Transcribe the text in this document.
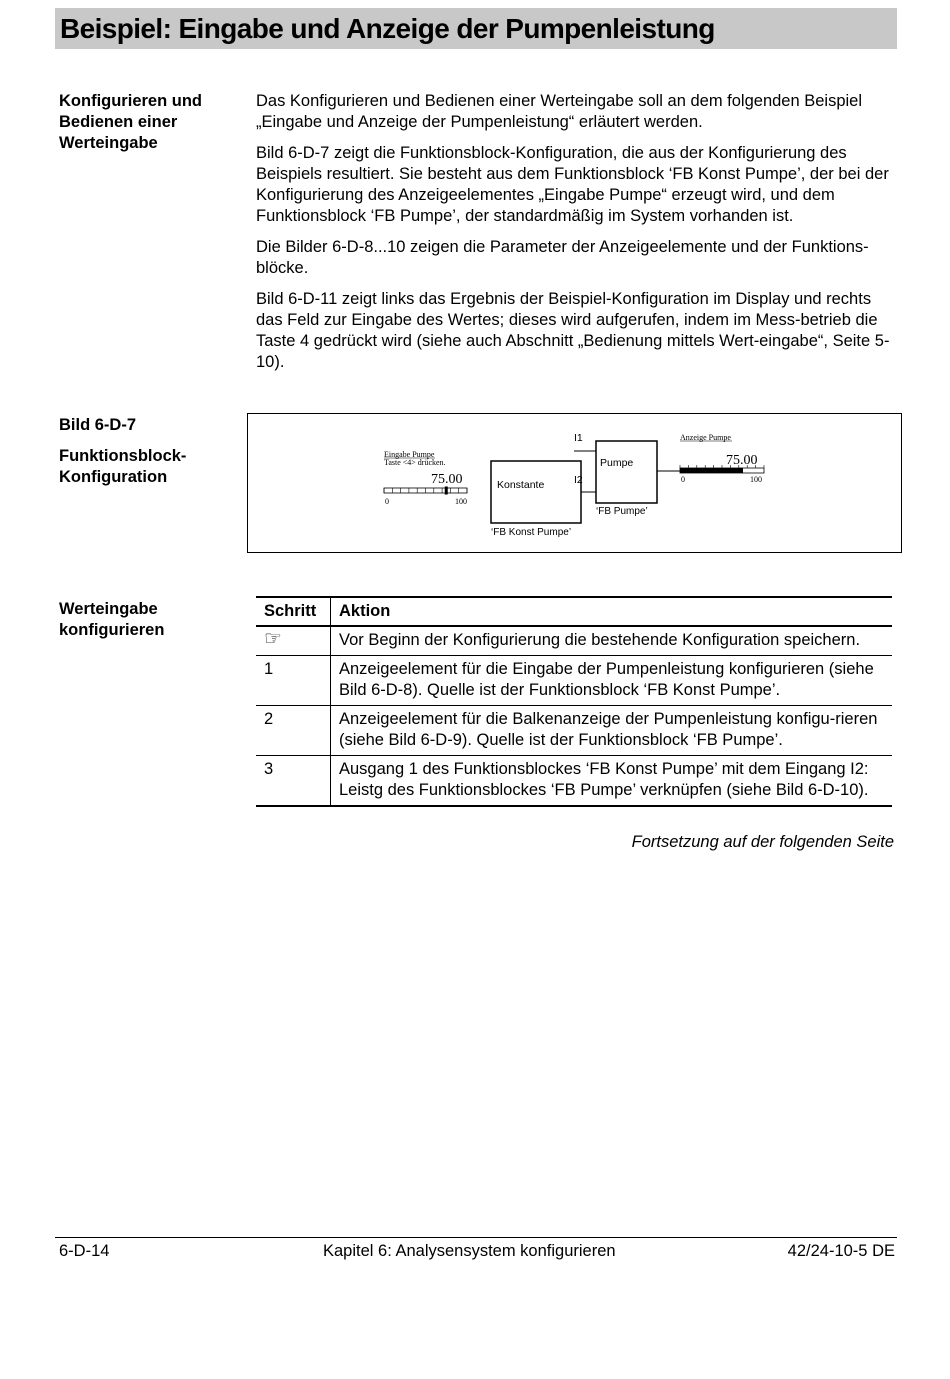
Beispiel: Eingabe und Anzeige der Pumpenleistung

Konfigurieren und

Bedienen einer

Werteingabe

Das Konfigurieren und Bedienen einer Werteingabe soll an dem folgenden Beispiel „Eingabe und Anzeige der Pumpenleistung“ erläutert werden.

Bild 6-D-7 zeigt die Funktionsblock-Konfiguration, die aus der Konfigurierung des Beispiels resultiert. Sie besteht aus dem Funktionsblock ‘FB Konst Pumpe’, der bei der Konfigurierung des Anzeigeelementes „Eingabe Pumpe“ erzeugt wird, und dem Funktionsblock ‘FB Pumpe’, der standardmäßig im System vorhanden ist.

Die Bilder 6-D-8...10 zeigen die Parameter der Anzeigeelemente und der Funktions-blöcke.

Bild 6-D-11 zeigt links das Ergebnis der Beispiel-Konfiguration im Display und rechts das Feld zur Eingabe des Wertes; dieses wird aufgerufen, indem im Mess-betrieb die Taste 4 gedrückt wird (siehe auch Abschnitt „Bedienung mittels Wert-eingabe“, Seite 5-10).

Bild 6-D-7

Funktionsblock-

Konfiguration

Eingabe Pumpe
Taste <4> drücken.
75.00
0	100
Konstante
‘FB Konst Pumpe’
I1
I2
Pumpe
‘FB Pumpe’
Anzeige Pumpe
75.00
0	100

Werteingabe

konfigurieren

Schritt	Aktion
☞	Vor Beginn der Konfigurierung die bestehende Konfiguration speichern.
1	Anzeigeelement für die Eingabe der Pumpenleistung konfigurieren (siehe Bild 6-D-8). Quelle ist der Funktionsblock ‘FB Konst Pumpe’.
2	Anzeigeelement für die Balkenanzeige der Pumpenleistung konfigu-rieren (siehe Bild 6-D-9). Quelle ist der Funktionsblock ‘FB Pumpe’.
3	Ausgang 1 des Funktionsblockes ‘FB Konst Pumpe’ mit dem Eingang I2: Leistg des Funktionsblockes ‘FB Pumpe’ verknüpfen (siehe Bild 6-D-10).
Fortsetzung auf der folgenden Seite
6-D-14	Kapitel 6: Analysensystem konfigurieren	42/24-10-5 DE
